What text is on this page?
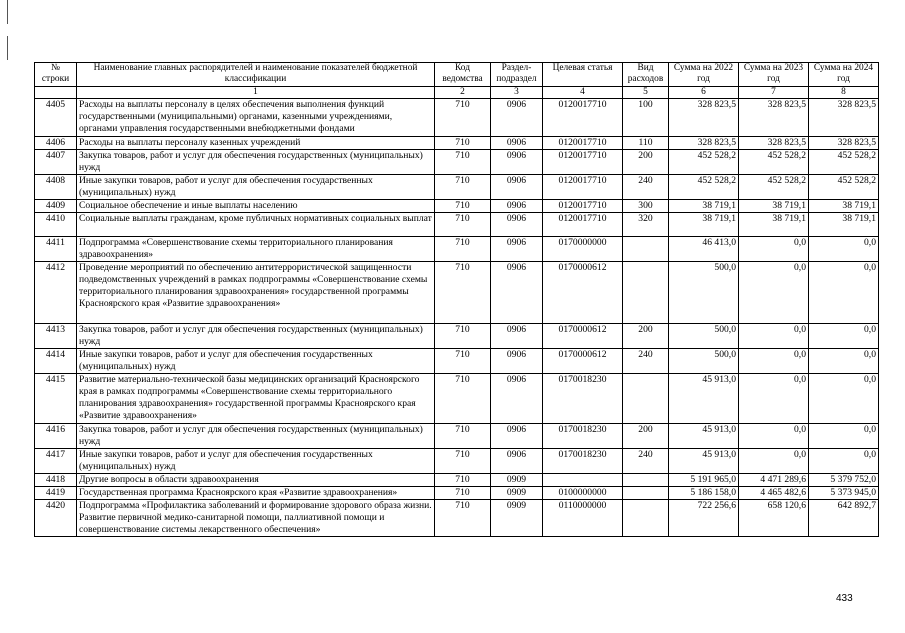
№ строки	Наименование главных распорядителей и наименование показателей бюджетной классификации	Код ведомства	Раздел-подраздел	Целевая статья	Вид расходов	Сумма на 2022 год	Сумма на 2023 год	Сумма на 2024 год
	1	2	3	4	5	6	7	8
4405	Расходы на выплаты персоналу в целях обеспечения выполнения функций государственными (муниципальными) органами, казенными учреждениями, органами управления государственными внебюджетными фондами	710	0906	0120017710	100	328 823,5	328 823,5	328 823,5
4406	Расходы на выплаты персоналу казенных учреждений	710	0906	0120017710	110	328 823,5	328 823,5	328 823,5
4407	Закупка товаров, работ и услуг для обеспечения государственных (муниципальных) нужд	710	0906	0120017710	200	452 528,2	452 528,2	452 528,2
4408	Иные закупки товаров, работ и услуг для обеспечения государственных (муниципальных) нужд	710	0906	0120017710	240	452 528,2	452 528,2	452 528,2
4409	Социальное обеспечение и иные выплаты населению	710	0906	0120017710	300	38 719,1	38 719,1	38 719,1
4410	Социальные выплаты гражданам, кроме публичных нормативных социальных выплат	710	0906	0120017710	320	38 719,1	38 719,1	38 719,1
4411	Подпрограмма «Совершенствование схемы территориального планирования здравоохранения»	710	0906	0170000000		46 413,0	0,0	0,0
4412	Проведение мероприятий по обеспечению антитеррористической защищенности подведомственных учреждений в рамках подпрограммы «Совершенствование схемы территориального планирования здравоохранения» государственной программы Красноярского края «Развитие здравоохранения»	710	0906	0170000612		500,0	0,0	0,0
4413	Закупка товаров, работ и услуг для обеспечения государственных (муниципальных) нужд	710	0906	0170000612	200	500,0	0,0	0,0
4414	Иные закупки товаров, работ и услуг для обеспечения государственных (муниципальных) нужд	710	0906	0170000612	240	500,0	0,0	0,0
4415	Развитие материально-технической базы медицинских организаций Красноярского края в рамках подпрограммы «Совершенствование схемы территориального планирования здравоохранения» государственной программы Красноярского края «Развитие здравоохранения»	710	0906	0170018230		45 913,0	0,0	0,0
4416	Закупка товаров, работ и услуг для обеспечения государственных (муниципальных) нужд	710	0906	0170018230	200	45 913,0	0,0	0,0
4417	Иные закупки товаров, работ и услуг для обеспечения государственных (муниципальных) нужд	710	0906	0170018230	240	45 913,0	0,0	0,0
4418	Другие вопросы в области здравоохранения	710	0909			5 191 965,0	4 471 289,6	5 379 752,0
4419	Государственная программа Красноярского края «Развитие здравоохранения»	710	0909	0100000000		5 186 158,0	4 465 482,6	5 373 945,0
4420	Подпрограмма «Профилактика заболеваний и формирование здорового образа жизни. Развитие первичной медико-санитарной помощи, паллиативной помощи и совершенствование системы лекарственного обеспечения»	710	0909	0110000000		722 256,6	658 120,6	642 892,7
433
